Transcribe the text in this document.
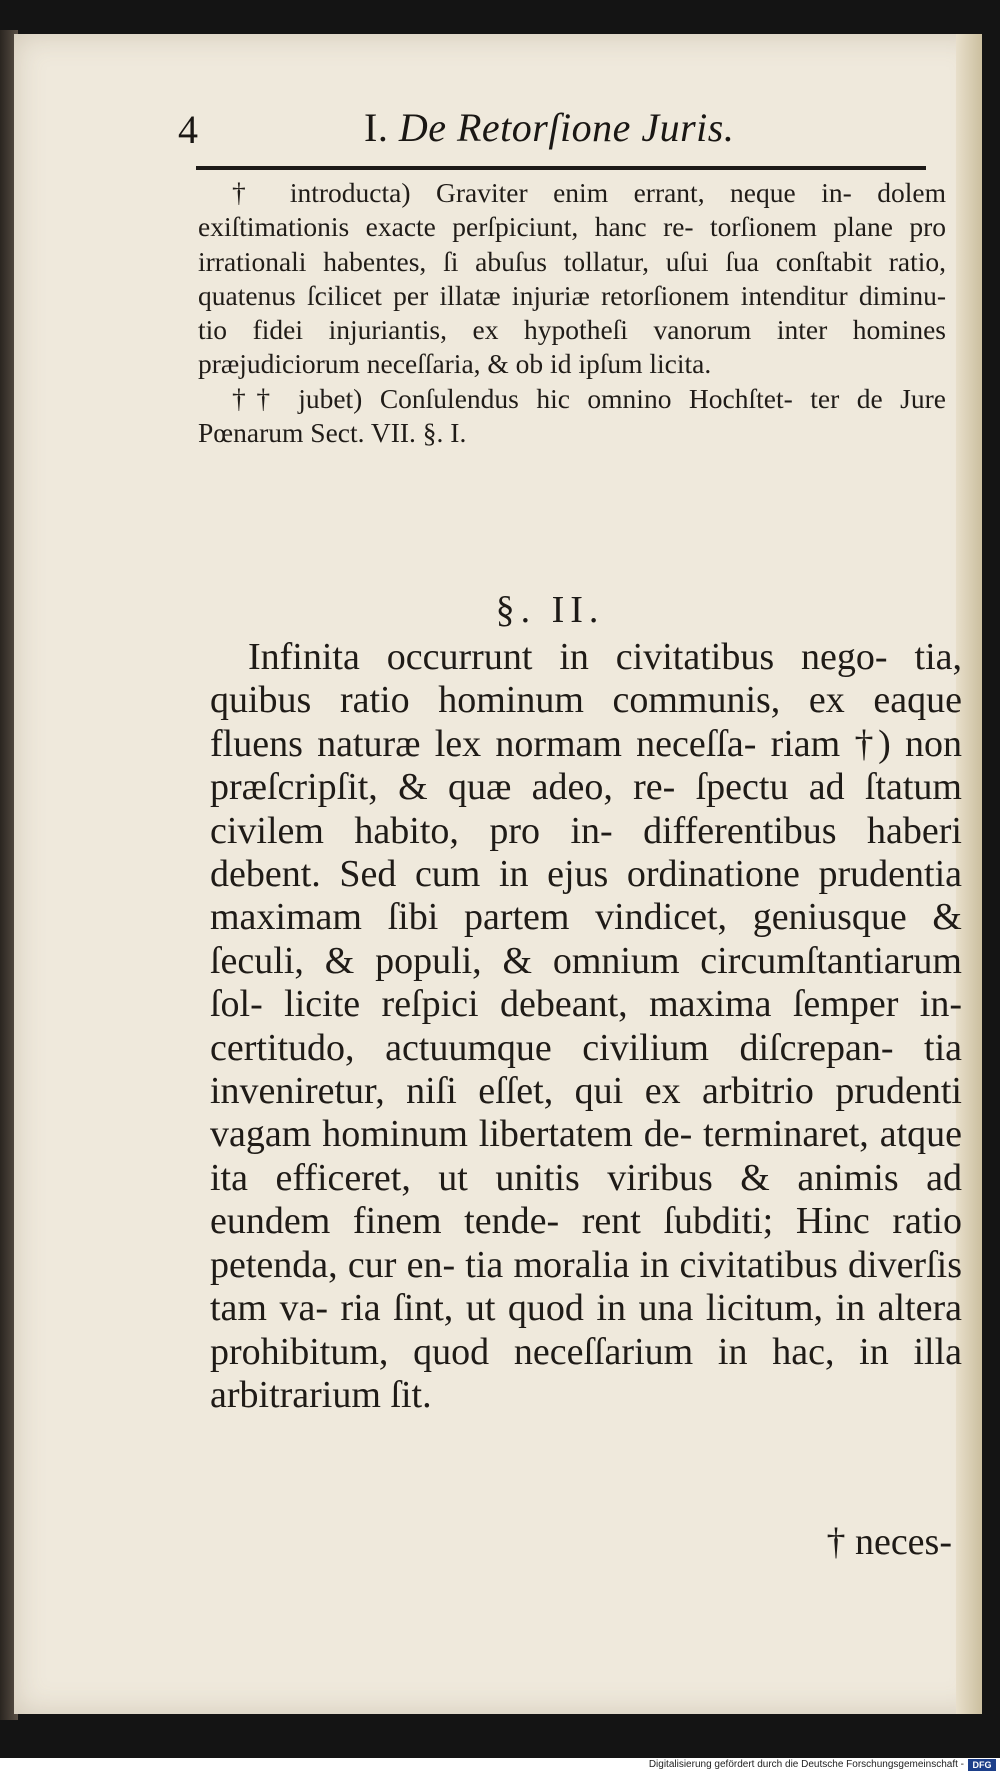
4	I. De Retorſione Juris.

† introducta) Graviter enim errant, neque in- dolem exiſtimationis exacte perſpiciunt, hanc re- torſionem plane pro irrationali habentes, ſi abuſus tollatur, uſui ſua conſtabit ratio, quatenus ſcilicet per illatæ injuriæ retorſionem intenditur diminu- tio fidei injuriantis, ex hypotheſi vanorum inter homines præjudiciorum neceſſaria, & ob id ipſum licita.

†† jubet) Conſulendus hic omnino Hochſtet- ter de Jure Pœnarum Sect. VII. §. I.

§. II.

Infinita occurrunt in civitatibus nego- tia, quibus ratio hominum communis, ex eaque fluens naturæ lex normam neceſſa- riam †) non præſcripſit, & quæ adeo, re- ſpectu ad ſtatum civilem habito, pro in- differentibus haberi debent. Sed cum in ejus ordinatione prudentia maximam ſibi partem vindicet, geniusque & ſeculi, & populi, & omnium circumſtantiarum ſol- licite reſpici debeant, maxima ſemper in- certitudo, actuumque civilium diſcrepan- tia inveniretur, niſi eſſet, qui ex arbitrio prudenti vagam hominum libertatem de- terminaret, atque ita efficeret, ut unitis viribus & animis ad eundem finem tende- rent ſubditi; Hinc ratio petenda, cur en- tia moralia in civitatibus diverſis tam va- ria ſint, ut quod in una licitum, in altera prohibitum, quod neceſſarium in hac, in illa arbitrarium ſit.

† neces-
Digitalisierung gefördert durch die Deutsche Forschungsgemeinschaft - DFG
